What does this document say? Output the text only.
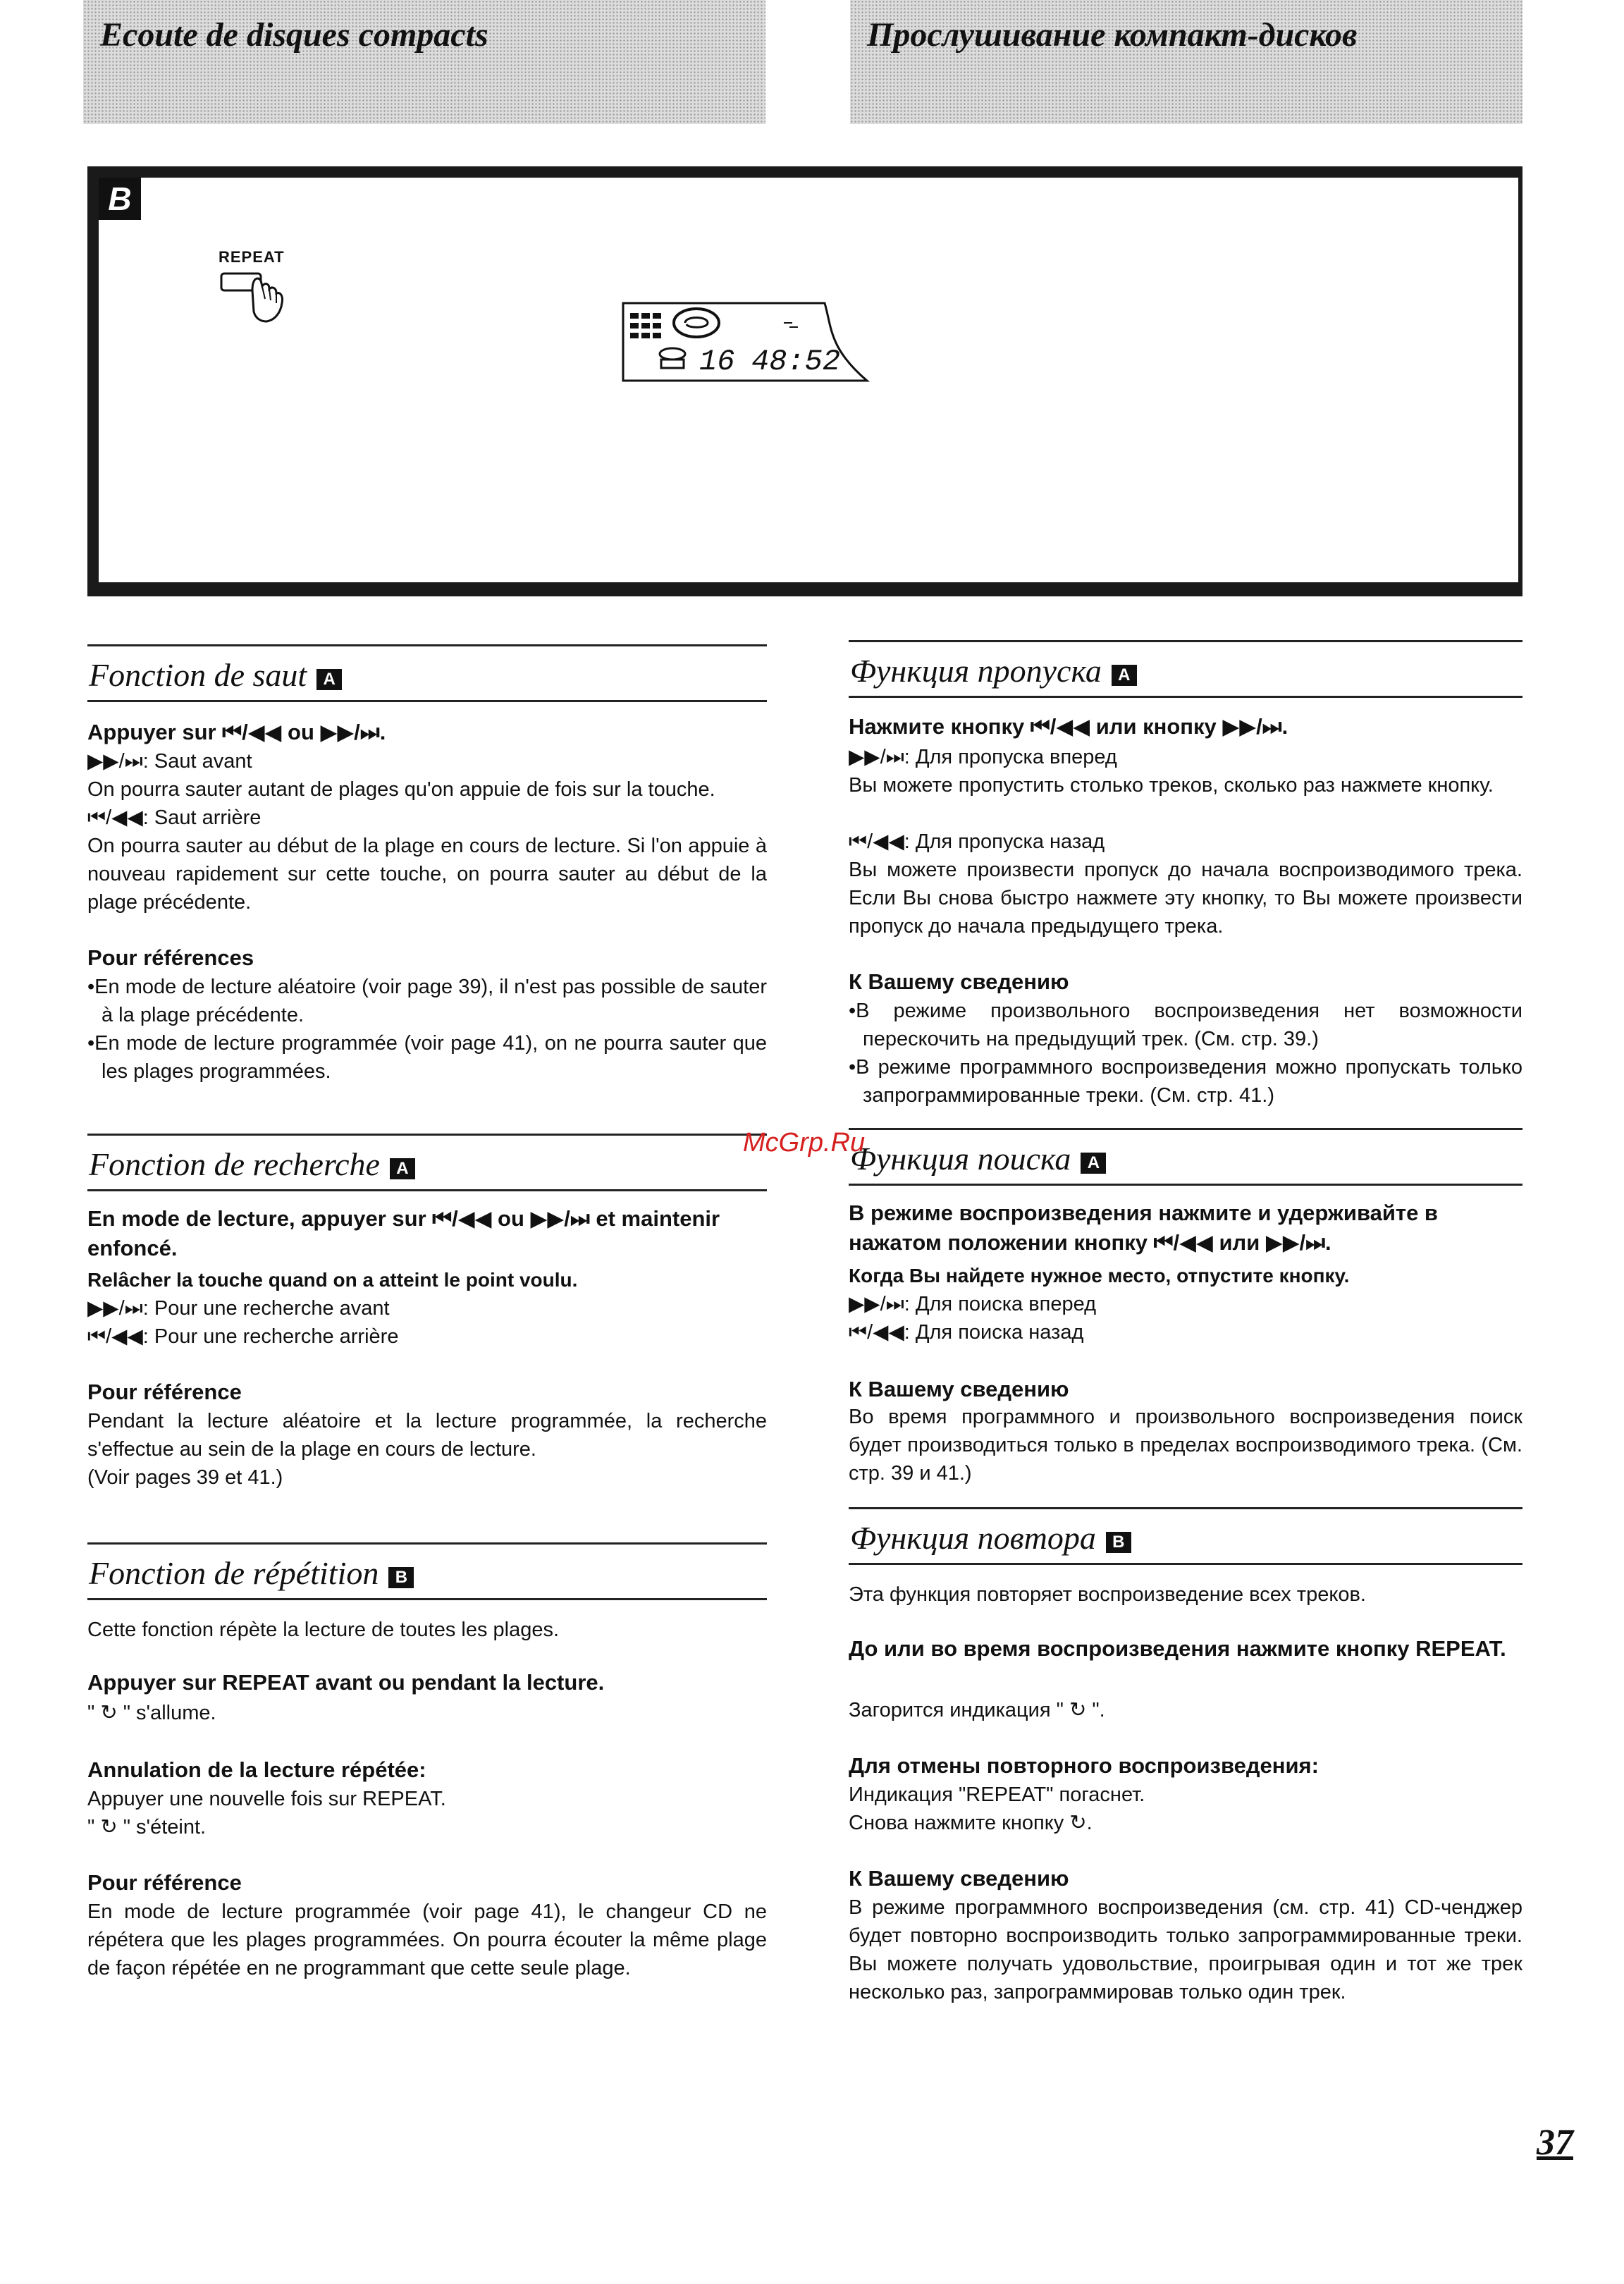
Ecoute de disques compacts	Прослушивание компакт-дисков
B
REPEAT
16 48:52
Fonction de saut A
Appuyer sur ⏮/◀◀ ou ▶▶/⏭.
▶▶/⏭: Saut avant
On pourra sauter autant de plages qu'on appuie de fois sur la touche.
⏮/◀◀: Saut arrière
On pourra sauter au début de la plage en cours de lecture. Si l'on appuie à nouveau rapidement sur cette touche, on pourra sauter au début de la plage précédente.
Pour références
•En mode de lecture aléatoire (voir page 39), il n'est pas possible de sauter à la plage précédente.
•En mode de lecture programmée (voir page 41), on ne pourra sauter que les plages programmées.
Fonction de recherche A
En mode de lecture, appuyer sur ⏮/◀◀ ou ▶▶/⏭ et maintenir enfoncé.
Relâcher la touche quand on a atteint le point voulu.
▶▶/⏭: Pour une recherche avant
⏮/◀◀: Pour une recherche arrière
Pour référence
Pendant la lecture aléatoire et la lecture programmée, la recherche s'effectue au sein de la plage en cours de lecture.
(Voir pages 39 et 41.)
Fonction de répétition B
Cette fonction répète la lecture de toutes les plages.
Appuyer sur REPEAT avant ou pendant la lecture.
" ↻ " s'allume.
Annulation de la lecture répétée:
Appuyer une nouvelle fois sur REPEAT.
" ↻ " s'éteint.
Pour référence
En mode de lecture programmée (voir page 41), le changeur CD ne répétera que les plages programmées. On pourra écouter la même plage de façon répétée en ne programmant que cette seule plage.
Функция пропуска A
Нажмите кнопку ⏮/◀◀ или кнопку ▶▶/⏭.
▶▶/⏭: Для пропуска вперед
Вы можете пропустить столько треков, сколько раз нажмете кнопку.
⏮/◀◀: Для пропуска назад
Вы можете произвести пропуск до начала воспроизводимого трека. Если Вы снова быстро нажмете эту кнопку, то Вы можете произвести пропуск до начала предыдущего трека.
К Вашему сведению
•В режиме произвольного воспроизведения нет возможности перескочить на предыдущий трек. (См. стр. 39.)
•В режиме программного воспроизведения можно пропускать только запрограммированные треки. (См. стр. 41.)
Функция поиска A
В режиме воспроизведения нажмите и удерживайте в нажатом положении кнопку ⏮/◀◀ или ▶▶/⏭.
Когда Вы найдете нужное место, отпустите кнопку.
▶▶/⏭: Для поиска вперед
⏮/◀◀: Для поиска назад
К Вашему сведению
Во время программного и произвольного воспроизведения поиск будет производиться только в пределах воспроизводимого трека. (См. стр. 39 и 41.)
Функция повтора B
Эта функция повторяет воспроизведение всех треков.
До или во время воспроизведения нажмите кнопку REPEAT.
Загорится индикация " ↻ ".
Для отмены повторного воспроизведения:
Индикация "REPEAT" погаснет.
Снова нажмите кнопку ↻.
К Вашему сведению
В режиме программного воспроизведения (см. стр. 41) CD-ченджер будет повторно воспроизводить только запрограммированные треки. Вы можете получать удовольствие, проигрывая один и тот же трек несколько раз, запрограммировав только один трек.
McGrp.Ru
37
